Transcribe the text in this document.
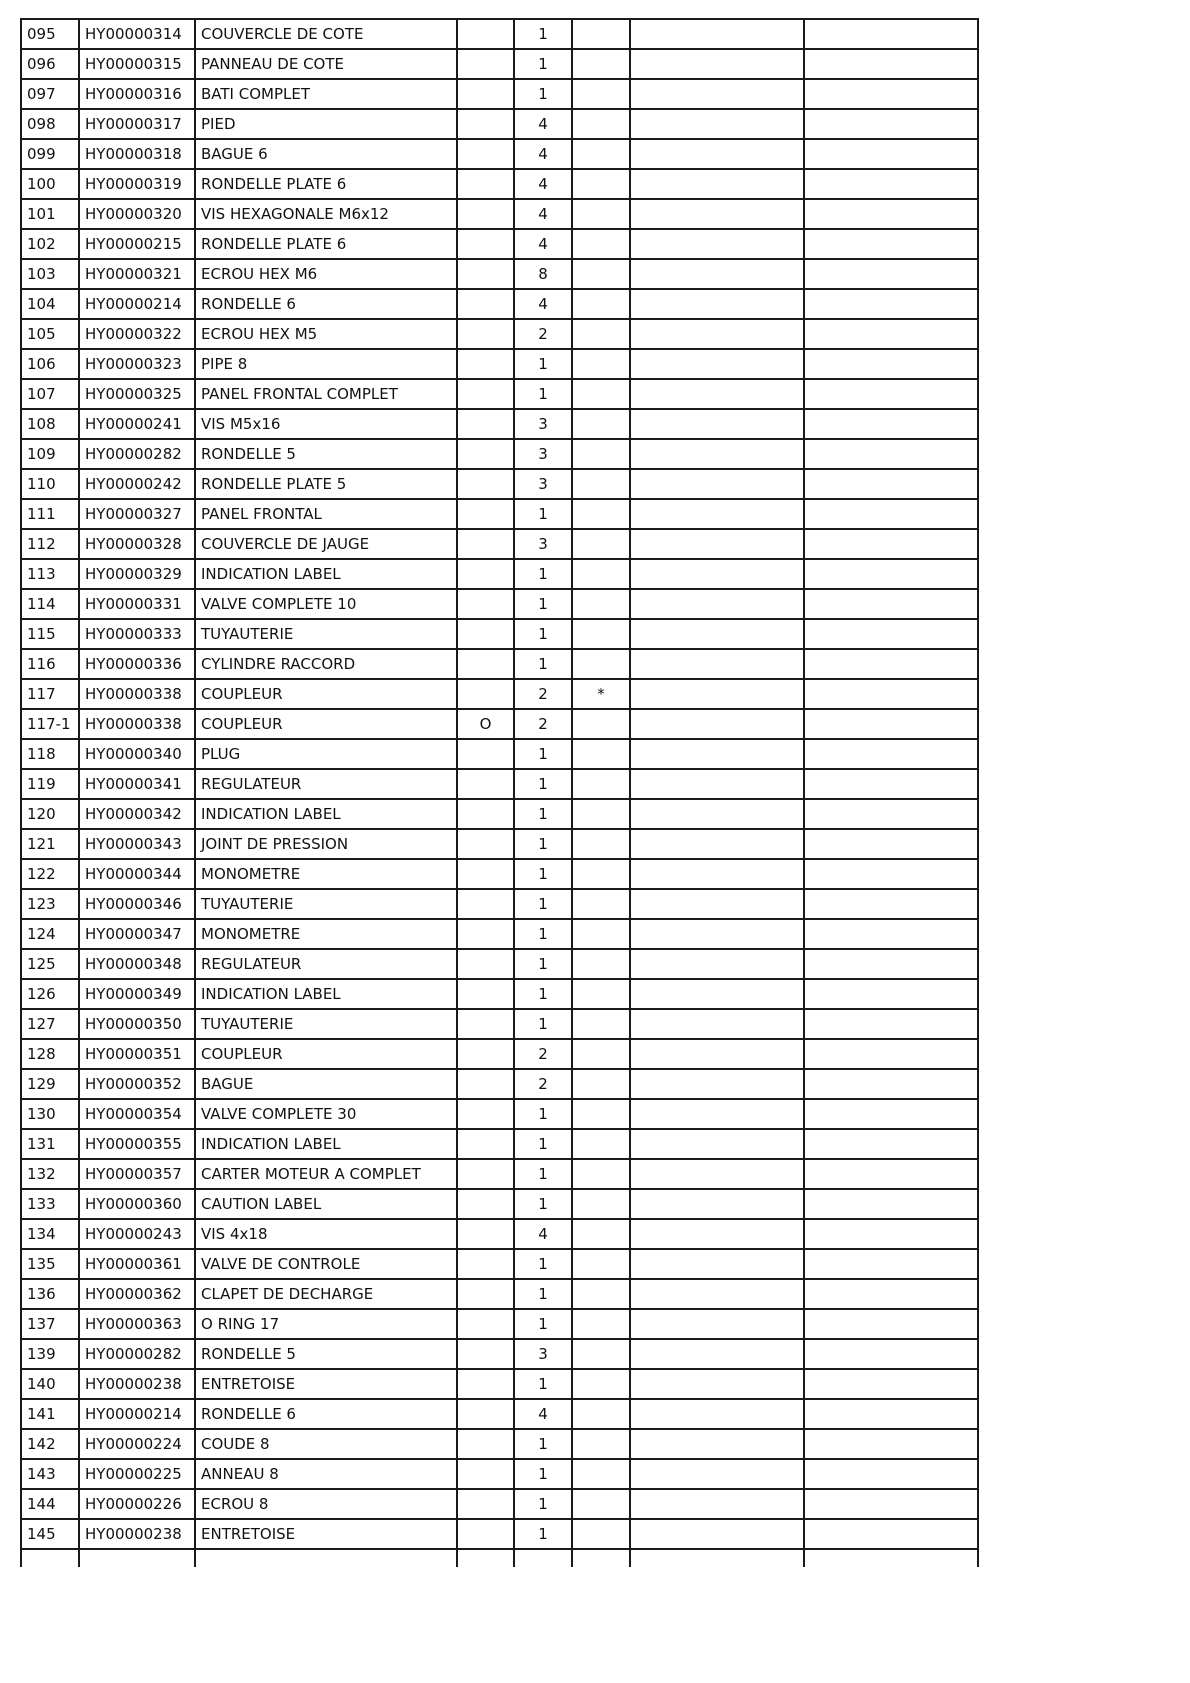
095	HY00000314	COUVERCLE DE COTE		1			
096	HY00000315	PANNEAU DE COTE		1			
097	HY00000316	BATI COMPLET		1			
098	HY00000317	PIED		4			
099	HY00000318	BAGUE 6		4			
100	HY00000319	RONDELLE PLATE 6		4			
101	HY00000320	VIS HEXAGONALE M6x12		4			
102	HY00000215	RONDELLE PLATE 6		4			
103	HY00000321	ECROU HEX M6		8			
104	HY00000214	RONDELLE 6		4			
105	HY00000322	ECROU HEX M5		2			
106	HY00000323	PIPE 8		1			
107	HY00000325	PANEL FRONTAL COMPLET		1			
108	HY00000241	VIS M5x16		3			
109	HY00000282	RONDELLE 5		3			
110	HY00000242	RONDELLE PLATE 5		3			
111	HY00000327	PANEL FRONTAL		1			
112	HY00000328	COUVERCLE DE JAUGE		3			
113	HY00000329	INDICATION LABEL		1			
114	HY00000331	VALVE COMPLETE 10		1			
115	HY00000333	TUYAUTERIE		1			
116	HY00000336	CYLINDRE RACCORD		1			
117	HY00000338	COUPLEUR		2	*		
117-1	HY00000338	COUPLEUR	O	2			
118	HY00000340	PLUG		1			
119	HY00000341	REGULATEUR		1			
120	HY00000342	INDICATION LABEL		1			
121	HY00000343	JOINT DE PRESSION		1			
122	HY00000344	MONOMETRE		1			
123	HY00000346	TUYAUTERIE		1			
124	HY00000347	MONOMETRE		1			
125	HY00000348	REGULATEUR		1			
126	HY00000349	INDICATION LABEL		1			
127	HY00000350	TUYAUTERIE		1			
128	HY00000351	COUPLEUR		2			
129	HY00000352	BAGUE		2			
130	HY00000354	VALVE COMPLETE 30		1			
131	HY00000355	INDICATION LABEL		1			
132	HY00000357	CARTER MOTEUR A COMPLET		1			
133	HY00000360	CAUTION LABEL		1			
134	HY00000243	VIS 4x18		4			
135	HY00000361	VALVE DE CONTROLE		1			
136	HY00000362	CLAPET DE DECHARGE		1			
137	HY00000363	O RING 17		1			
139	HY00000282	RONDELLE 5		3			
140	HY00000238	ENTRETOISE		1			
141	HY00000214	RONDELLE 6		4			
142	HY00000224	COUDE 8		1			
143	HY00000225	ANNEAU 8		1			
144	HY00000226	ECROU 8		1			
145	HY00000238	ENTRETOISE		1			
